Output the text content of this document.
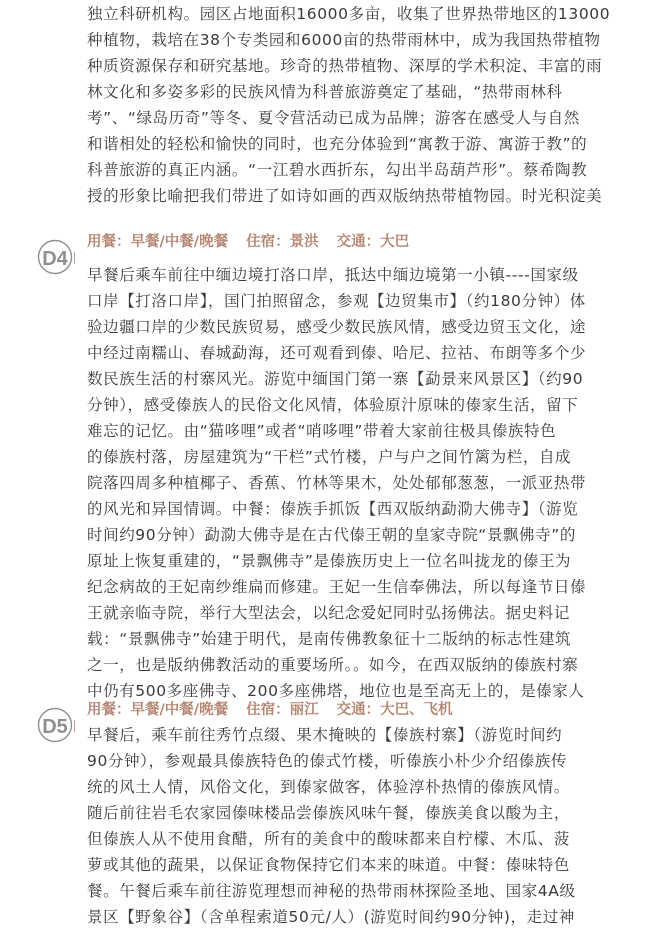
独立科研机构。园区占地面积16000多亩，收集了世界热带地区的13000
种植物，栽培在38个专类园和6000亩的热带雨林中，成为我国热带植物
种质资源保存和研究基地。珍奇的热带植物、深厚的学术积淀、丰富的雨
林文化和多姿多彩的民族风情为科普旅游奠定了基础，“热带雨林科
考”、“绿岛历奇”等冬、夏令营活动已成为品牌；游客在感受人与自然
和谐相处的轻松和愉快的同时，也充分体验到“寓教于游、寓游于教”的
科普旅游的真正内涵。“一江碧水西折东，勾出半岛葫芦形”。蔡希陶教
授的形象比喻把我们带进了如诗如画的西双版纳热带植物园。时光积淀美
D4
用餐：早餐/中餐/晚餐 住宿：景洪 交通：大巴
早餐后乘车前往中缅边境打洛口岸，抵达中缅边境第一小镇----国家级
口岸【打洛口岸】，国门拍照留念，参观【边贸集市】（约180分钟）体
验边疆口岸的少数民族贸易，感受少数民族风情，感受边贸玉文化，途
中经过南糯山、春城勐海，还可观看到傣、哈尼、拉祜、布朗等多个少
数民族生活的村寨风光。游览中缅国门第一寨【勐景来风景区】（约90
分钟），感受傣族人的民俗文化风情，体验原汁原味的傣家生活，留下
难忘的记忆。由“猫哆哩”或者“哨哆哩”带着大家前往极具傣族特色
的傣族村落，房屋建筑为“干栏”式竹楼，户与户之间竹篱为栏，自成
院落四周多种植椰子、香蕉、竹林等果木，处处郁郁葱葱，一派亚热带
的风光和异国情调。中餐：傣族手抓饭【西双版纳勐泐大佛寺】（游览
时间约90分钟）勐泐大佛寺是在古代傣王朝的皇家寺院“景飘佛寺”的
原址上恢复重建的，“景飘佛寺”是傣族历史上一位名叫拢龙的傣王为
纪念病故的王妃南纱维扁而修建。王妃一生信奉佛法，所以每逢节日傣
王就亲临寺院，举行大型法会，以纪念爱妃同时弘扬佛法。据史料记
载：“景飘佛寺”始建于明代，是南传佛教象征十二版纳的标志性建筑
之一，也是版纳佛教活动的重要场所。。如今，在西双版纳的傣族村寨
中仍有500多座佛寺、200多座佛塔，地位也是至高无上的，是傣家人
D5
用餐：早餐/中餐/晚餐 住宿：丽江 交通：大巴、飞机
早餐后，乘车前往秀竹点缀、果木掩映的【傣族村寨】（游览时间约
90分钟），参观最具傣族特色的傣式竹楼，听傣族小朴少介绍傣族传
统的风土人情，风俗文化，到傣家做客，体验淳朴热情的傣族风情。
随后前往岩毛农家园傣味楼品尝傣族风味午餐，傣族美食以酸为主，
但傣族人从不使用食醋，所有的美食中的酸味都来自柠檬、木瓜、菠
萝或其他的蔬果，以保证食物保持它们本来的味道。中餐：傣味特色
餐。午餐后乘车前往游览理想而神秘的热带雨林探险圣地、国家4A级
景区【野象谷】（含单程索道50元/人）(游览时间约90分钟)，走过神
